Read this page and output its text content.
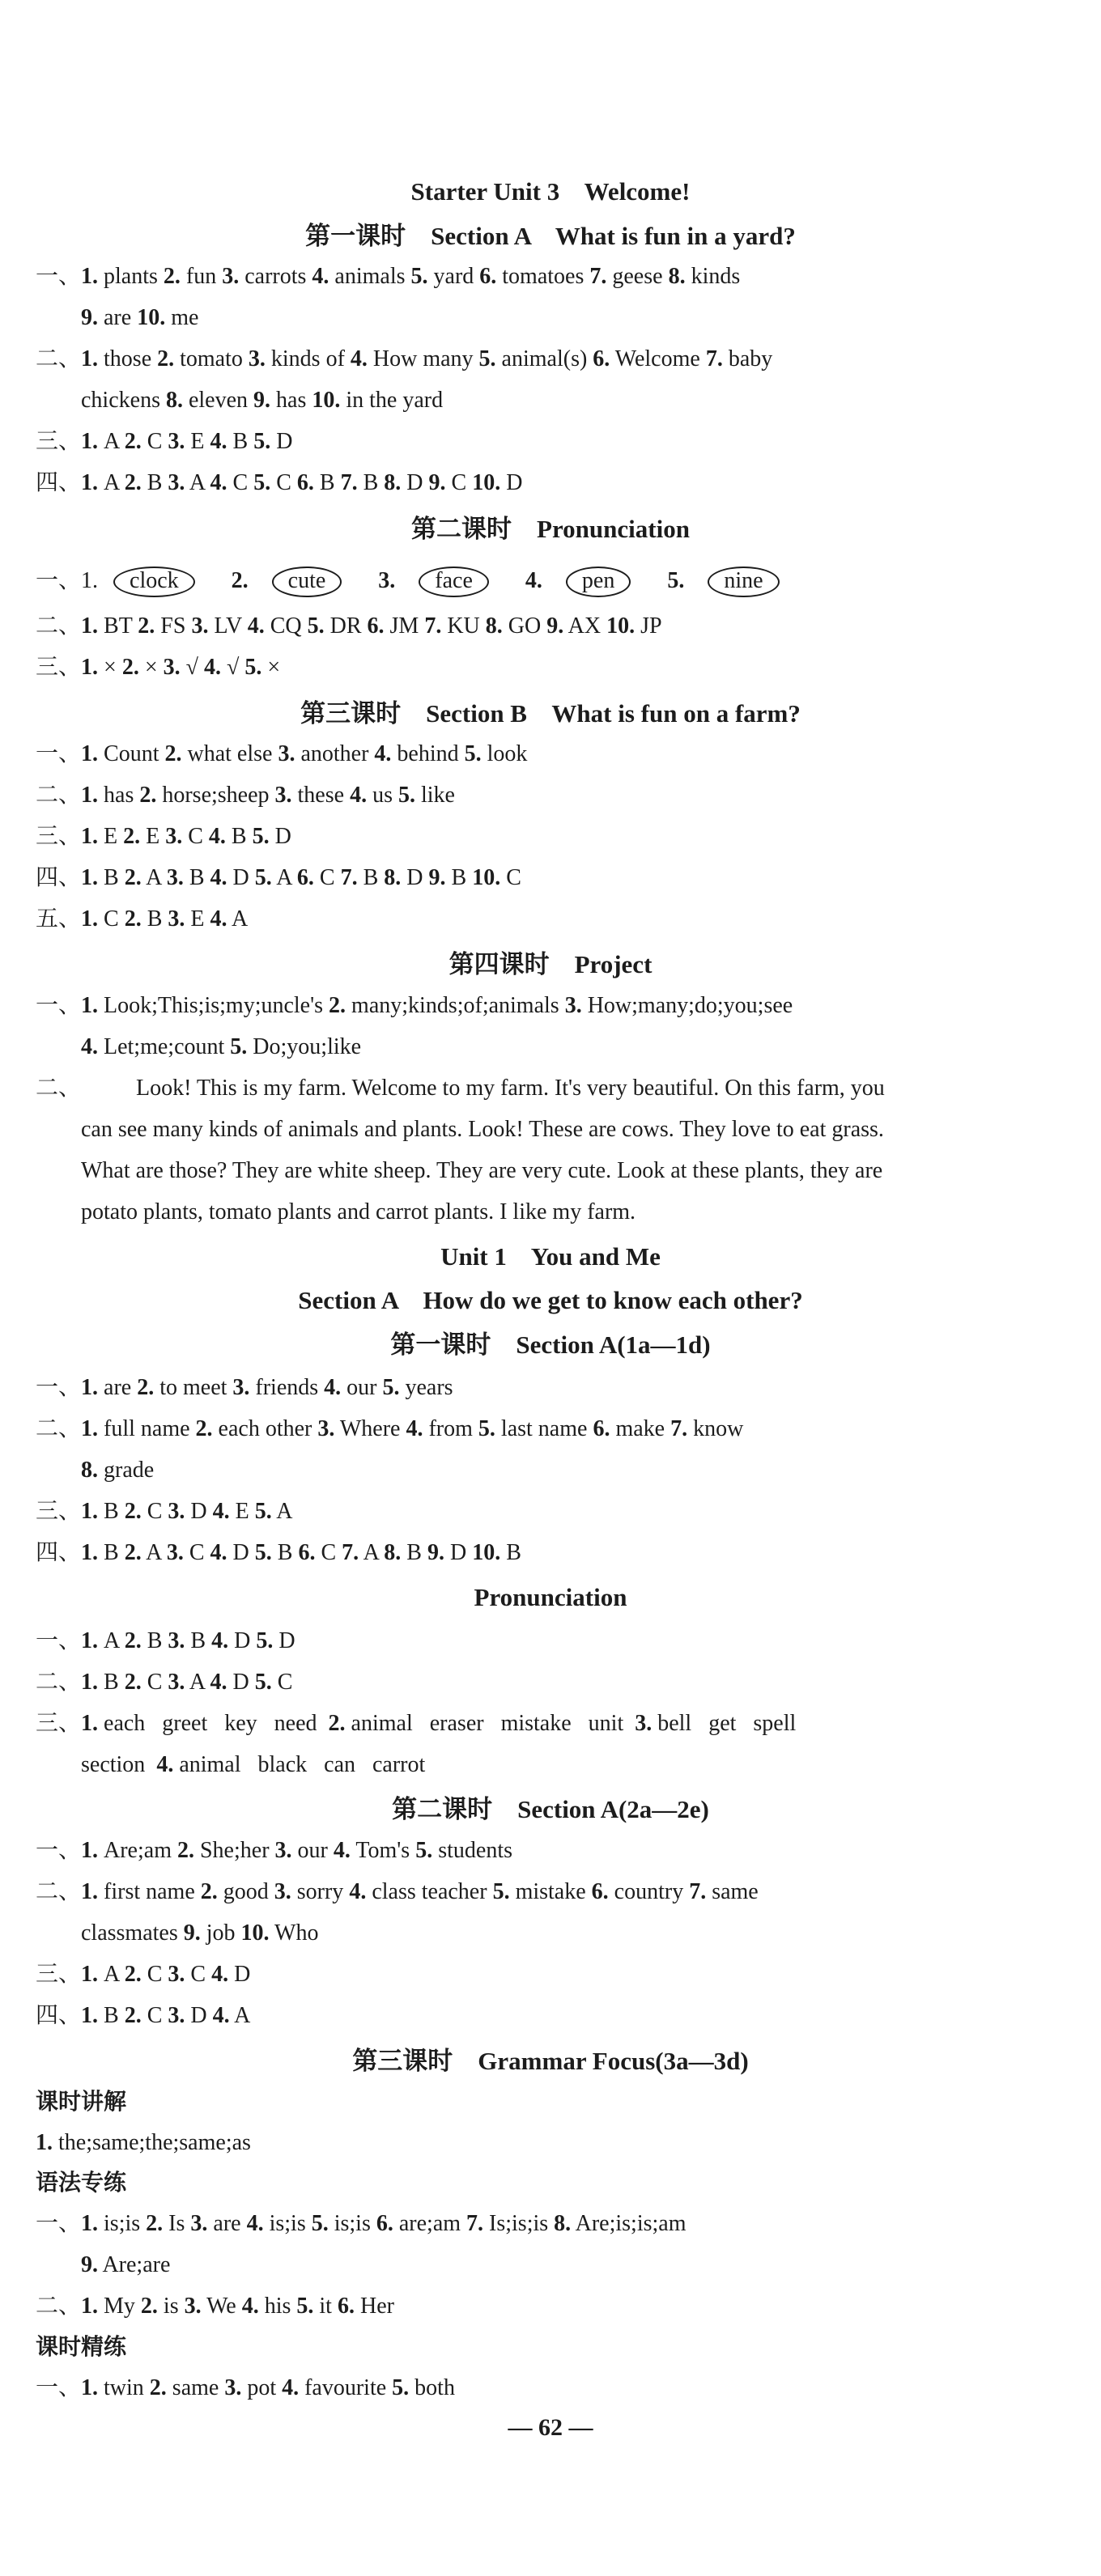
Starter Unit 3    Welcome!
第一课时    Section A    What is fun in a yard?
一、1. plants 2. fun 3. carrots 4. animals 5. yard 6. tomatoes 7. geese 8. kinds
9. are 10. me
二、1. those 2. tomato 3. kinds of 4. How many 5. animal(s) 6. Welcome 7. baby
chickens 8. eleven 9. has 10. in the yard
三、1. A 2. C 3. E 4. B 5. D
四、1. A 2. B 3. A 4. C 5. C 6. B 7. B 8. D 9. C 10. D
第二课时    Pronunciation
一、1. clock 2. cute 3. face 4. pen 5. nine
二、1. BT 2. FS 3. LV 4. CQ 5. DR 6. JM 7. KU 8. GO 9. AX 10. JP
三、1. × 2. × 3. √ 4. √ 5. ×
第三课时    Section B    What is fun on a farm?
一、1. Count 2. what else 3. another 4. behind 5. look
二、1. has 2. horse;sheep 3. these 4. us 5. like
三、1. E 2. E 3. C 4. B 5. D
四、1. B 2. A 3. B 4. D 5. A 6. C 7. B 8. D 9. B 10. C
五、1. C 2. B 3. E 4. A
第四课时    Project
一、1. Look;This;is;my;uncle's 2. many;kinds;of;animals 3. How;many;do;you;see
4. Let;me;count 5. Do;you;like
二、 Look! This is my farm. Welcome to my farm. It's very beautiful. On this farm, you
can see many kinds of animals and plants. Look! These are cows. They love to eat grass.
What are those? They are white sheep. They are very cute. Look at these plants, they are
potato plants, tomato plants and carrot plants. I like my farm.
Unit 1    You and Me
Section A    How do we get to know each other?
第一课时    Section A(1a—1d)
一、1. are 2. to meet 3. friends 4. our 5. years
二、1. full name 2. each other 3. Where 4. from 5. last name 6. make 7. know
8. grade
三、1. B 2. C 3. D 4. E 5. A
四、1. B 2. A 3. C 4. D 5. B 6. C 7. A 8. B 9. D 10. B
Pronunciation
一、1. A 2. B 3. B 4. D 5. D
二、1. B 2. C 3. A 4. D 5. C
三、1. each   greet   key   need  2. animal   eraser   mistake   unit  3. bell   get   spell
section  4. animal   black   can   carrot
第二课时    Section A(2a—2e)
一、1. Are;am 2. She;her 3. our 4. Tom's 5. students
二、1. first name 2. good 3. sorry 4. class teacher 5. mistake 6. country 7. same
classmates 9. job 10. Who
三、1. A 2. C 3. C 4. D
四、1. B 2. C 3. D 4. A
第三课时    Grammar Focus(3a—3d)
课时讲解
1. the;same;the;same;as
语法专练
一、1. is;is 2. Is 3. are 4. is;is 5. is;is 6. are;am 7. Is;is;is 8. Are;is;is;am
9. Are;are
二、1. My 2. is 3. We 4. his 5. it 6. Her
课时精练
一、1. twin 2. same 3. pot 4. favourite 5. both
— 62 —
